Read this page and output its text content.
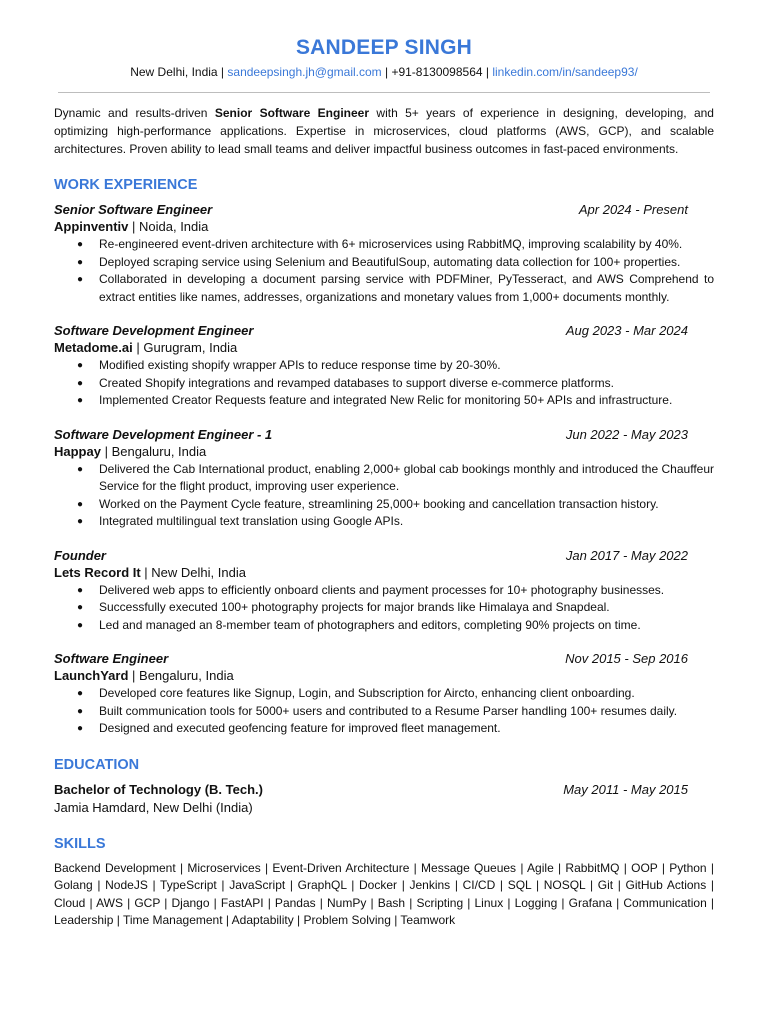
SANDEEP SINGH
New Delhi, India | sandeepsingh.jh@gmail.com | +91-8130098564 | linkedin.com/in/sandeep93/
Dynamic and results-driven Senior Software Engineer with 5+ years of experience in designing, developing, and optimizing high-performance applications. Expertise in microservices, cloud platforms (AWS, GCP), and scalable architectures. Proven ability to lead small teams and deliver impactful business outcomes in fast-paced environments.
WORK EXPERIENCE
Senior Software Engineer	Apr 2024 - Present
Appinventiv | Noida, India
● Re-engineered event-driven architecture with 6+ microservices using RabbitMQ, improving scalability by 40%.
● Deployed scraping service using Selenium and BeautifulSoup, automating data collection for 100+ properties.
● Collaborated in developing a document parsing service with PDFMiner, PyTesseract, and AWS Comprehend to extract entities like names, addresses, organizations and monetary values from 1,000+ documents monthly.
Software Development Engineer	Aug 2023 - Mar 2024
Metadome.ai | Gurugram, India
● Modified existing shopify wrapper APIs to reduce response time by 20-30%.
● Created Shopify integrations and revamped databases to support diverse e-commerce platforms.
● Implemented Creator Requests feature and integrated New Relic for monitoring 50+ APIs and infrastructure.
Software Development Engineer - 1	Jun 2022 - May 2023
Happay | Bengaluru, India
● Delivered the Cab International product, enabling 2,000+ global cab bookings monthly and introduced the Chauffeur Service for the flight product, improving user experience.
● Worked on the Payment Cycle feature, streamlining 25,000+ booking and cancellation transaction history.
● Integrated multilingual text translation using Google APIs.
Founder	Jan 2017 - May 2022
Lets Record It | New Delhi, India
● Delivered web apps to efficiently onboard clients and payment processes for 10+ photography businesses.
● Successfully executed 100+ photography projects for major brands like Himalaya and Snapdeal.
● Led and managed an 8-member team of photographers and editors, completing 90% projects on time.
Software Engineer	Nov 2015 - Sep 2016
LaunchYard | Bengaluru, India
● Developed core features like Signup, Login, and Subscription for Aircto, enhancing client onboarding.
● Built communication tools for 5000+ users and contributed to a Resume Parser handling 100+ resumes daily.
● Designed and executed geofencing feature for improved fleet management.
EDUCATION
Bachelor of Technology (B. Tech.)	May 2011 - May 2015
Jamia Hamdard, New Delhi (India)
SKILLS
Backend Development | Microservices | Event-Driven Architecture | Message Queues | Agile | RabbitMQ | OOP | Python | Golang | NodeJS | TypeScript | JavaScript | GraphQL | Docker | Jenkins | CI/CD | SQL | NOSQL | Git | GitHub Actions | Cloud | AWS | GCP | Django | FastAPI | Pandas | NumPy | Bash | Scripting | Linux | Logging | Grafana | Communication | Leadership | Time Management | Adaptability | Problem Solving | Teamwork
